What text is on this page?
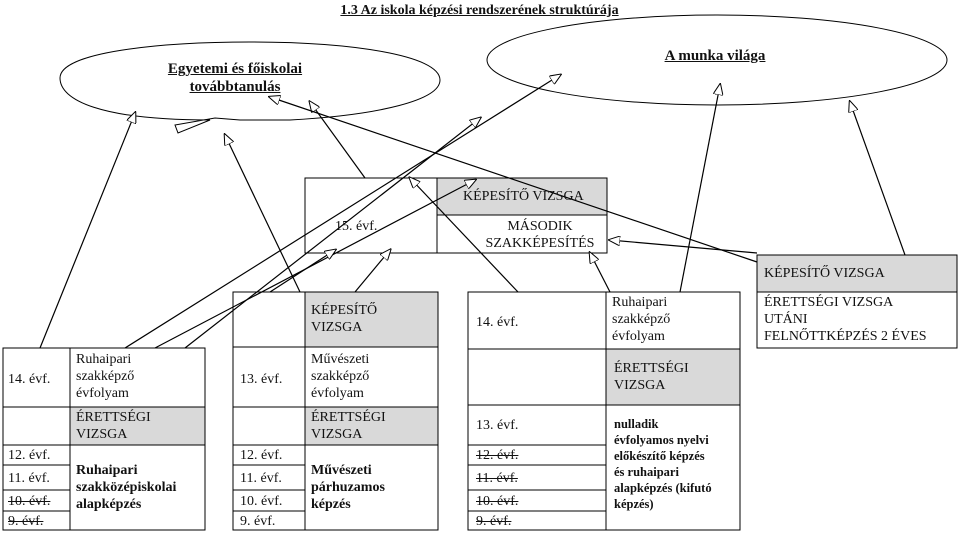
1.3 Az iskola képzési rendszerének struktúrája
Egyetemi és főiskolai
továbbtanulás
A munka világa
KÉPESÍTŐ VIZSGA
15. évf.	MÁSODIK
SZAKKÉPESÍTÉS
KÉPESÍTŐ VIZSGA
ÉRETTSÉGI VIZSGA
UTÁNI
FELNŐTTKÉPZÉS 2 ÉVES
14. évf.
Ruhaipari
szakképző
évfolyam
ÉRETTSÉGI
VIZSGA
12. évf.
11. évf.
10. évf.
9. évf.
Ruhaipari
szakközépiskolai
alapképzés
KÉPESÍTŐ
VIZSGA
13. évf.
Művészeti
szakképző
évfolyam
ÉRETTSÉGI
VIZSGA
12. évf.
11. évf.
10. évf.
9. évf.
Művészeti
párhuzamos
képzés
14. évf.
Ruhaipari
szakképző
évfolyam
ÉRETTSÉGI
VIZSGA
13. évf.
12. évf.
11. évf.
10. évf.
9. évf.
nulladik
évfolyamos nyelvi
előkészítő képzés
és ruhaipari
alapképzés (kifutó
képzés)
